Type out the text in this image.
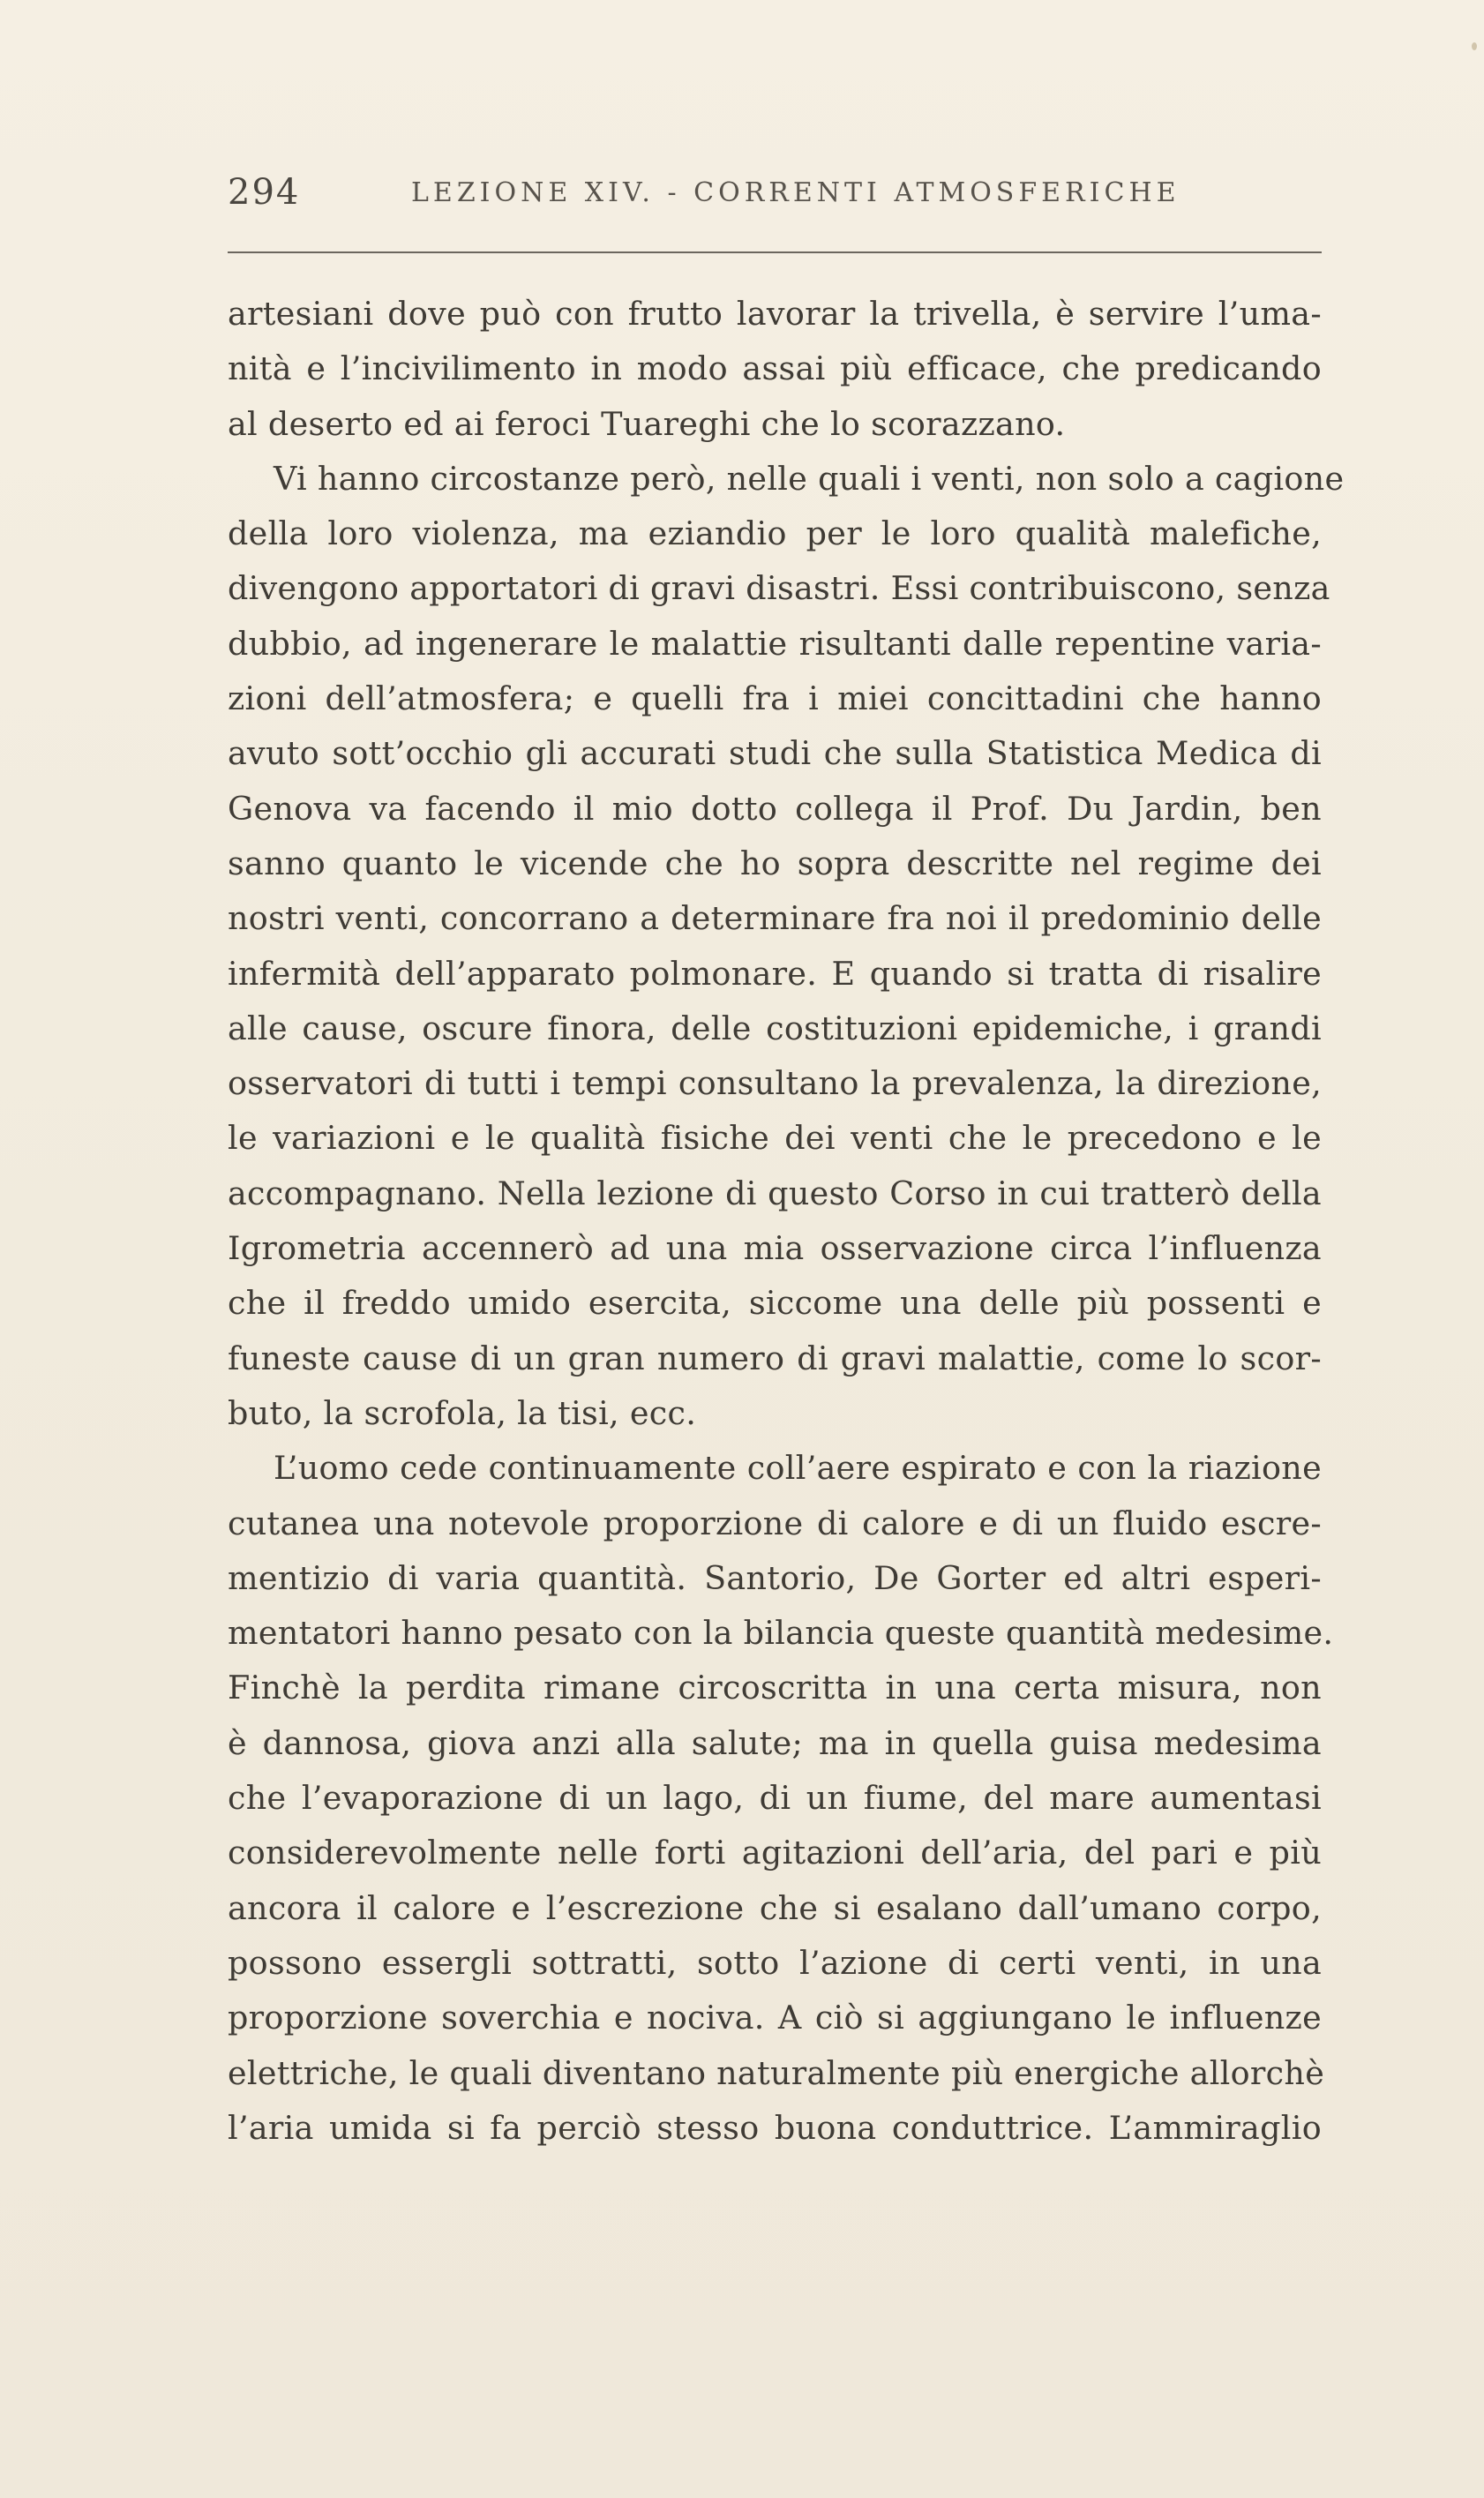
294	LEZIONE XIV. - CORRENTI ATMOSFERICHE
artesiani dove può con frutto lavorar la trivella, è servire l’uma-
nità e l’incivilimento in modo assai più efficace, che predicando
al deserto ed ai feroci Tuareghi che lo scorazzano.
Vi hanno circostanze però, nelle quali i venti, non solo a cagione
della loro violenza, ma eziandio per le loro qualità malefiche,
divengono apportatori di gravi disastri. Essi contribuiscono, senza
dubbio, ad ingenerare le malattie risultanti dalle repentine varia-
zioni dell’atmosfera; e quelli fra i miei concittadini che hanno
avuto sott’occhio gli accurati studi che sulla Statistica Medica di
Genova va facendo il mio dotto collega il Prof. Du Jardin, ben
sanno quanto le vicende che ho sopra descritte nel regime dei
nostri venti, concorrano a determinare fra noi il predominio delle
infermità dell’apparato polmonare. E quando si tratta di risalire
alle cause, oscure finora, delle costituzioni epidemiche, i grandi
osservatori di tutti i tempi consultano la prevalenza, la direzione,
le variazioni e le qualità fisiche dei venti che le precedono e le
accompagnano. Nella lezione di questo Corso in cui tratterò della
Igrometria accennerò ad una mia osservazione circa l’influenza
che il freddo umido esercita, siccome una delle più possenti e
funeste cause di un gran numero di gravi malattie, come lo scor-
buto, la scrofola, la tisi, ecc.
L’uomo cede continuamente coll’aere espirato e con la riazione
cutanea una notevole proporzione di calore e di un fluido escre-
mentizio di varia quantità. Santorio, De Gorter ed altri esperi-
mentatori hanno pesato con la bilancia queste quantità medesime.
Finchè la perdita rimane circoscritta in una certa misura, non
è dannosa, giova anzi alla salute; ma in quella guisa medesima
che l’evaporazione di un lago, di un fiume, del mare aumentasi
considerevolmente nelle forti agitazioni dell’aria, del pari e più
ancora il calore e l’escrezione che si esalano dall’umano corpo,
possono essergli sottratti, sotto l’azione di certi venti, in una
proporzione soverchia e nociva. A ciò si aggiungano le influenze
elettriche, le quali diventano naturalmente più energiche allorchè
l’aria umida si fa perciò stesso buona conduttrice. L’ammiraglio
